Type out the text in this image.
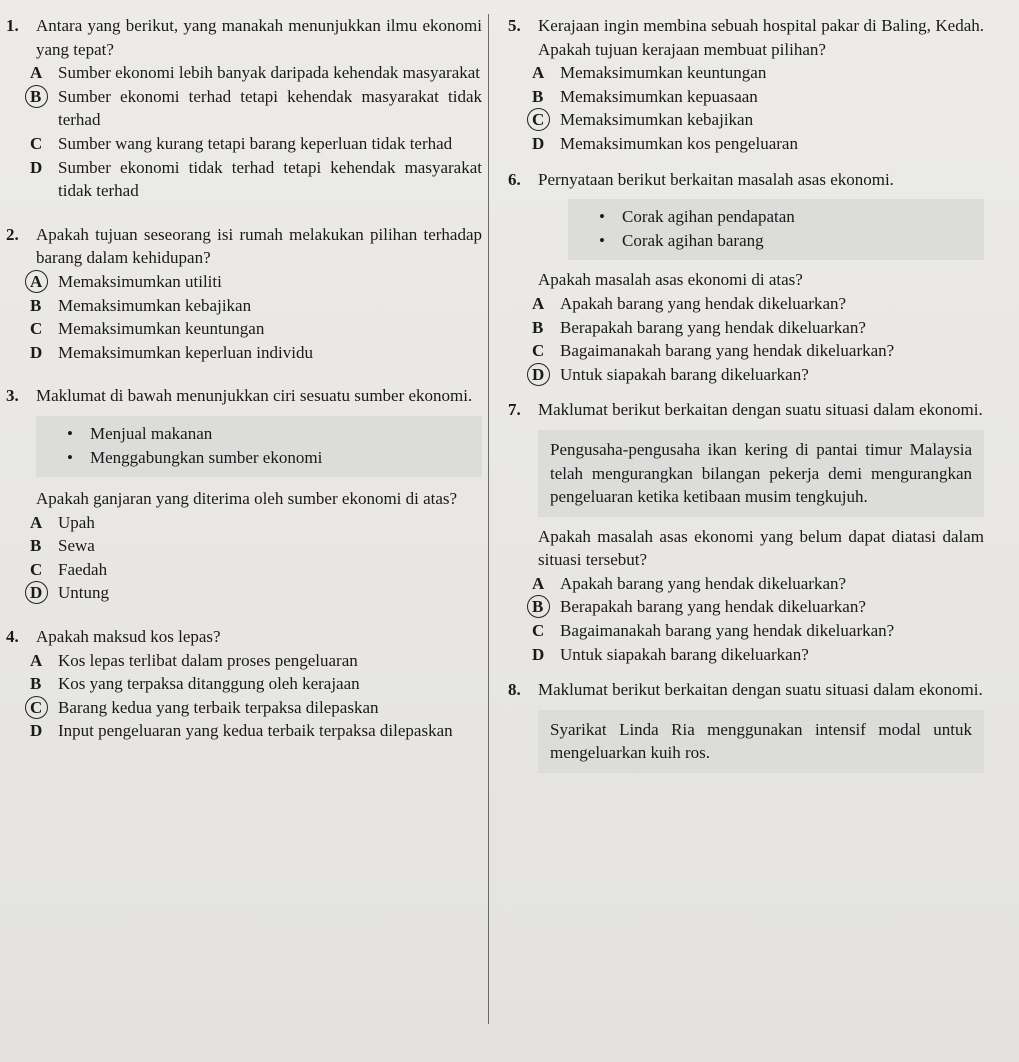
1.	Antara yang berikut, yang manakah menunjukkan ilmu ekonomi yang tepat?
A Sumber ekonomi lebih banyak daripada kehendak masyarakat
B Sumber ekonomi terhad tetapi kehendak masyarakat tidak terhad
C Sumber wang kurang tetapi barang keperluan tidak terhad
D Sumber ekonomi tidak terhad tetapi kehendak masyarakat tidak terhad
2.	Apakah tujuan seseorang isi rumah melakukan pilihan terhadap barang dalam kehidupan?
A Memaksimumkan utiliti
B Memaksimumkan kebajikan
C Memaksimumkan keuntungan
D Memaksimumkan keperluan individu
3.	Maklumat di bawah menunjukkan ciri sesuatu sumber ekonomi.
•	Menjual makanan
•	Menggabungkan sumber ekonomi
Apakah ganjaran yang diterima oleh sumber ekonomi di atas?
A Upah
B Sewa
C Faedah
D Untung
4.	Apakah maksud kos lepas?
A Kos lepas terlibat dalam proses pengeluaran
B Kos yang terpaksa ditanggung oleh kerajaan
C Barang kedua yang terbaik terpaksa dilepaskan
D Input pengeluaran yang kedua terbaik terpaksa dilepaskan
5.	Kerajaan ingin membina sebuah hospital pakar di Baling, Kedah. Apakah tujuan kerajaan membuat pilihan?
A Memaksimumkan keuntungan
B Memaksimumkan kepuasaan
C Memaksimumkan kebajikan
D Memaksimumkan kos pengeluaran
6.	Pernyataan berikut berkaitan masalah asas ekonomi.
•	Corak agihan pendapatan
•	Corak agihan barang
Apakah masalah asas ekonomi di atas?
A Apakah barang yang hendak dikeluarkan?
B Berapakah barang yang hendak dikeluarkan?
C Bagaimanakah barang yang hendak dikeluarkan?
D Untuk siapakah barang dikeluarkan?
7.	Maklumat berikut berkaitan dengan suatu situasi dalam ekonomi.
Pengusaha-pengusaha ikan kering di pantai timur Malaysia telah mengurangkan bilangan pekerja demi mengurangkan pengeluaran ketika ketibaan musim tengkujuh.
Apakah masalah asas ekonomi yang belum dapat diatasi dalam situasi tersebut?
A Apakah barang yang hendak dikeluarkan?
B Berapakah barang yang hendak dikeluarkan?
C Bagaimanakah barang yang hendak dikeluarkan?
D Untuk siapakah barang dikeluarkan?
8.	Maklumat berikut berkaitan dengan suatu situasi dalam ekonomi.
Syarikat Linda Ria menggunakan intensif modal untuk mengeluarkan kuih ros.
